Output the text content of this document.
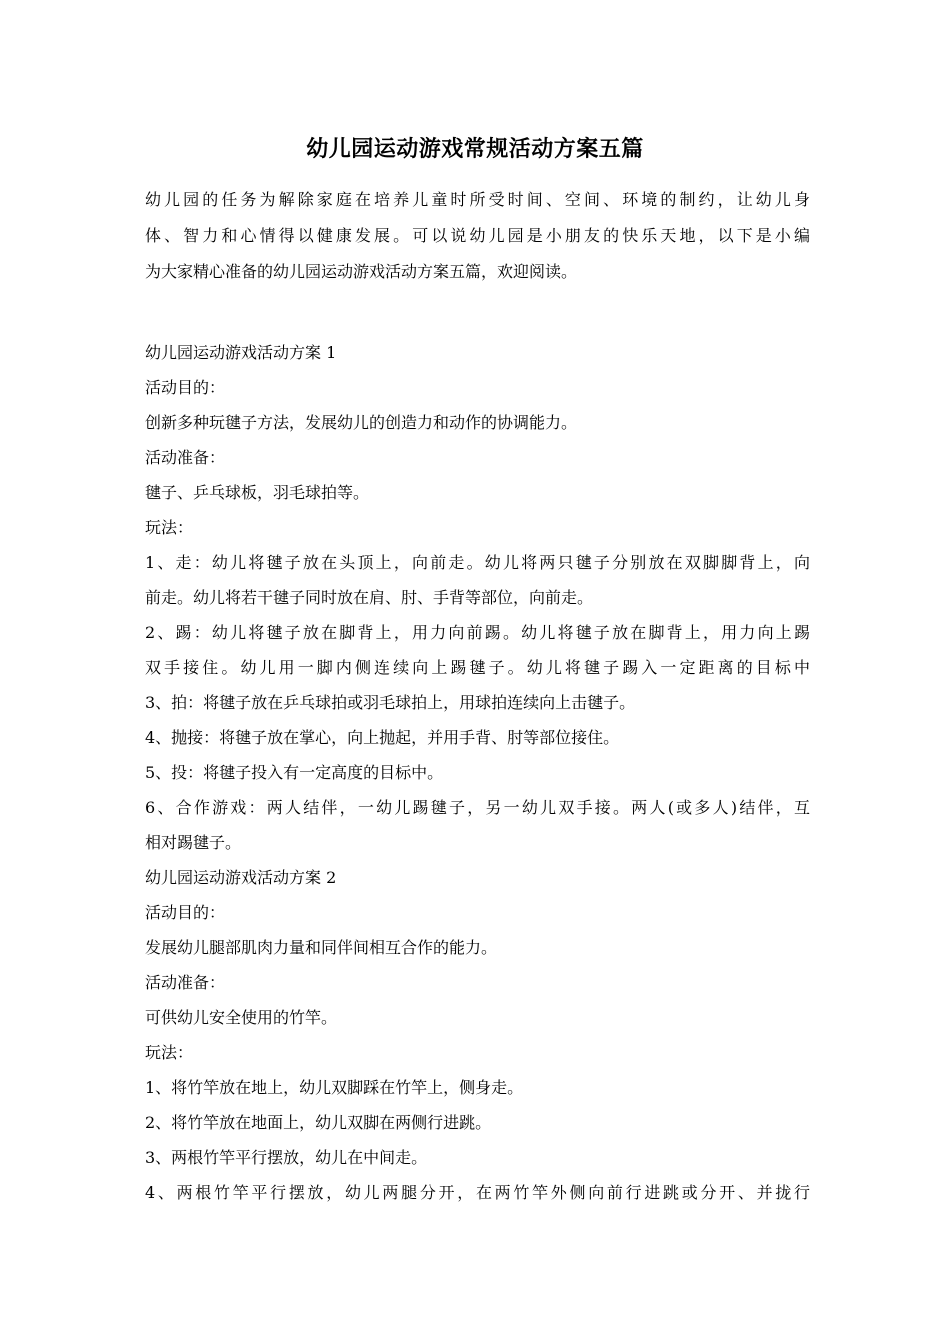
幼儿园运动游戏常规活动方案五篇
幼儿园的任务为解除家庭在培养儿童时所受时间、空间、环境的制约，让幼儿身
体、智力和心情得以健康发展。可以说幼儿园是小朋友的快乐天地，以下是小编
为大家精心准备的幼儿园运动游戏活动方案五篇，欢迎阅读。
幼儿园运动游戏活动方案 1
活动目的：
创新多种玩毽子方法，发展幼儿的创造力和动作的协调能力。
活动准备：
毽子、乒乓球板，羽毛球拍等。
玩法：
1、走：幼儿将毽子放在头顶上，向前走。幼儿将两只毽子分别放在双脚脚背上，向
前走。幼儿将若干毽子同时放在肩、肘、手背等部位，向前走。
2、踢：幼儿将毽子放在脚背上，用力向前踢。幼儿将毽子放在脚背上，用力向上踢
双手接住。幼儿用一脚内侧连续向上踢毽子。幼儿将毽子踢入一定距离的目标中
3、拍：将毽子放在乒乓球拍或羽毛球拍上，用球拍连续向上击毽子。
4、抛接：将毽子放在掌心，向上抛起，并用手背、肘等部位接住。
5、投：将毽子投入有一定高度的目标中。
6、合作游戏：两人结伴，一幼儿踢毽子，另一幼儿双手接。两人(或多人)结伴，互
相对踢毽子。
幼儿园运动游戏活动方案 2
活动目的：
发展幼儿腿部肌肉力量和同伴间相互合作的能力。
活动准备：
可供幼儿安全使用的竹竿。
玩法：
1、将竹竿放在地上，幼儿双脚踩在竹竿上，侧身走。
2、将竹竿放在地面上，幼儿双脚在两侧行进跳。
3、两根竹竿平行摆放，幼儿在中间走。
4、两根竹竿平行摆放，幼儿两腿分开，在两竹竿外侧向前行进跳或分开、并拢行
